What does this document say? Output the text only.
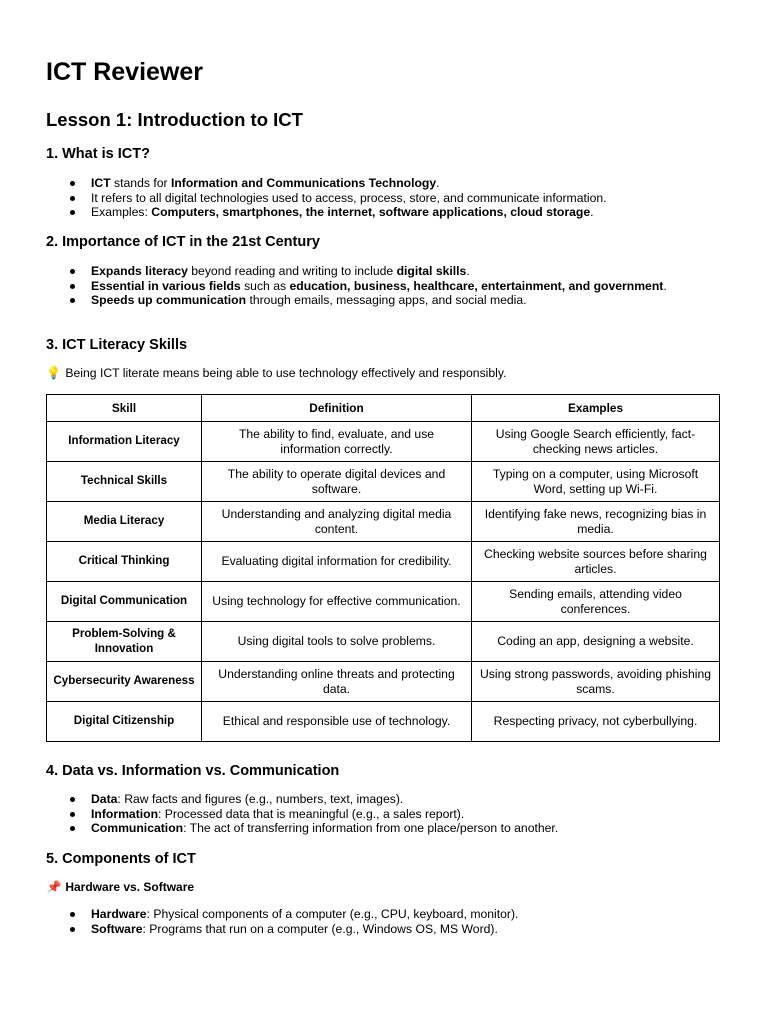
ICT Reviewer
Lesson 1: Introduction to ICT
1. What is ICT?
ICT stands for Information and Communications Technology.
It refers to all digital technologies used to access, process, store, and communicate information.
Examples: Computers, smartphones, the internet, software applications, cloud storage.
2. Importance of ICT in the 21st Century
Expands literacy beyond reading and writing to include digital skills.
Essential in various fields such as education, business, healthcare, entertainment, and government.
Speeds up communication through emails, messaging apps, and social media.
3. ICT Literacy Skills
💡 Being ICT literate means being able to use technology effectively and responsibly.
Skill	Definition	Examples
Information Literacy	The ability to find, evaluate, and use information correctly.	Using Google Search efficiently, fact-checking news articles.
Technical Skills	The ability to operate digital devices and software.	Typing on a computer, using Microsoft Word, setting up Wi-Fi.
Media Literacy	Understanding and analyzing digital media content.	Identifying fake news, recognizing bias in media.
Critical Thinking	Evaluating digital information for credibility.	Checking website sources before sharing articles.
Digital Communication	Using technology for effective communication.	Sending emails, attending video conferences.
Problem-Solving & Innovation	Using digital tools to solve problems.	Coding an app, designing a website.
Cybersecurity Awareness	Understanding online threats and protecting data.	Using strong passwords, avoiding phishing scams.
Digital Citizenship	Ethical and responsible use of technology.	Respecting privacy, not cyberbullying.
4. Data vs. Information vs. Communication
Data: Raw facts and figures (e.g., numbers, text, images).
Information: Processed data that is meaningful (e.g., a sales report).
Communication: The act of transferring information from one place/person to another.
5. Components of ICT
📌 Hardware vs. Software
Hardware: Physical components of a computer (e.g., CPU, keyboard, monitor).
Software: Programs that run on a computer (e.g., Windows OS, MS Word).
